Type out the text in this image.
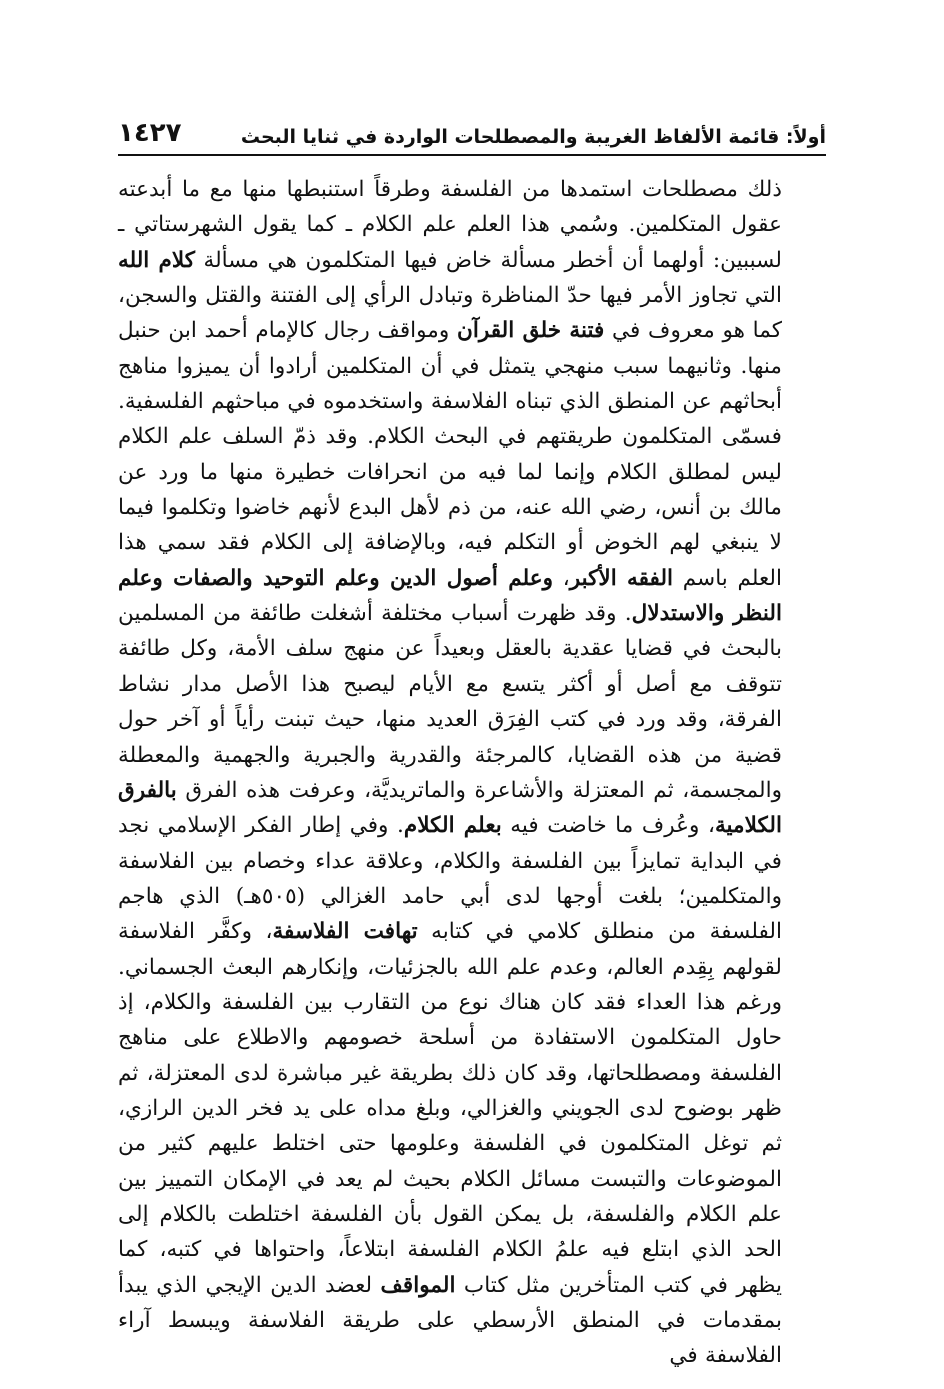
أولاً: قائمة الألفاظ الغريبة والمصطلحات الواردة في ثنايا البحث
١٤٢٧

ذلك مصطلحات استمدها من الفلسفة وطرقاً استنبطها منها مع ما أبدعته عقول المتكلمين. وسُمي هذا العلم علم الكلام ـ كما يقول الشهرستاتي ـ لسببين: أولهما أن أخطر مسألة خاض فيها المتكلمون هي مسألة كلام الله التي تجاوز الأمر فيها حدّ المناظرة وتبادل الرأي إلى الفتنة والقتل والسجن، كما هو معروف في فتنة خلق القرآن ومواقف رجال كالإمام أحمد ابن حنبل منها. وثانيهما سبب منهجي يتمثل في أن المتكلمين أرادوا أن يميزوا مناهج أبحاثهم عن المنطق الذي تبناه الفلاسفة واستخدموه في مباحثهم الفلسفية. فسمّى المتكلمون طريقتهم في البحث الكلام. وقد ذمّ السلف علم الكلام ليس لمطلق الكلام وإنما لما فيه من انحرافات خطيرة منها ما ورد عن مالك بن أنس، رضي الله عنه، من ذم لأهل البدع لأنهم خاضوا وتكلموا فيما لا ينبغي لهم الخوض أو التكلم فيه، وبالإضافة إلى الكلام فقد سمي هذا العلم باسم الفقه الأكبر، وعلم أصول الدين وعلم التوحيد والصفات وعلم النظر والاستدلال. وقد ظهرت أسباب مختلفة أشغلت طائفة من المسلمين بالبحث في قضايا عقدية بالعقل وبعيداً عن منهج سلف الأمة، وكل طائفة تتوقف مع أصل أو أكثر يتسع مع الأيام ليصبح هذا الأصل مدار نشاط الفرقة، وقد ورد في كتب الفِرَق العديد منها، حيث تبنت رأياً أو آخر حول قضية من هذه القضايا، كالمرجئة والقدرية والجبرية والجهمية والمعطلة والمجسمة، ثم المعتزلة والأشاعرة والماتريديَّة، وعرفت هذه الفرق بالفرق الكلامية، وعُرف ما خاضت فيه بعلم الكلام. وفي إطار الفكر الإسلامي نجد في البداية تمايزاً بين الفلسفة والكلام، وعلاقة عداء وخصام بين الفلاسفة والمتكلمين؛ بلغت أوجها لدى أبي حامد الغزالي (٥٠٥هـ) الذي هاجم الفلسفة من منطلق كلامي في كتابه تهافت الفلاسفة، وكفَّر الفلاسفة لقولهم بِقِدم العالم، وعدم علم الله بالجزئيات، وإنكارهم البعث الجسماني. ورغم هذا العداء فقد كان هناك نوع من التقارب بين الفلسفة والكلام، إذ حاول المتكلمون الاستفادة من أسلحة خصومهم والاطلاع على مناهج الفلسفة ومصطلحاتها، وقد كان ذلك بطريقة غير مباشرة لدى المعتزلة، ثم ظهر بوضوح لدى الجويني والغزالي، وبلغ مداه على يد فخر الدين الرازي، ثم توغل المتكلمون في الفلسفة وعلومها حتى اختلط عليهم كثير من الموضوعات والتبست مسائل الكلام بحيث لم يعد في الإمكان التمييز بين علم الكلام والفلسفة، بل يمكن القول بأن الفلسفة اختلطت بالكلام إلى الحد الذي ابتلع فيه علمُ الكلام الفلسفة ابتلاعاً، واحتواها في كتبه، كما يظهر في كتب المتأخرين مثل كتاب المواقف لعضد الدين الإيجي الذي يبدأ بمقدمات في المنطق الأرسطي على طريقة الفلاسفة ويبسط آراء الفلاسفة في
